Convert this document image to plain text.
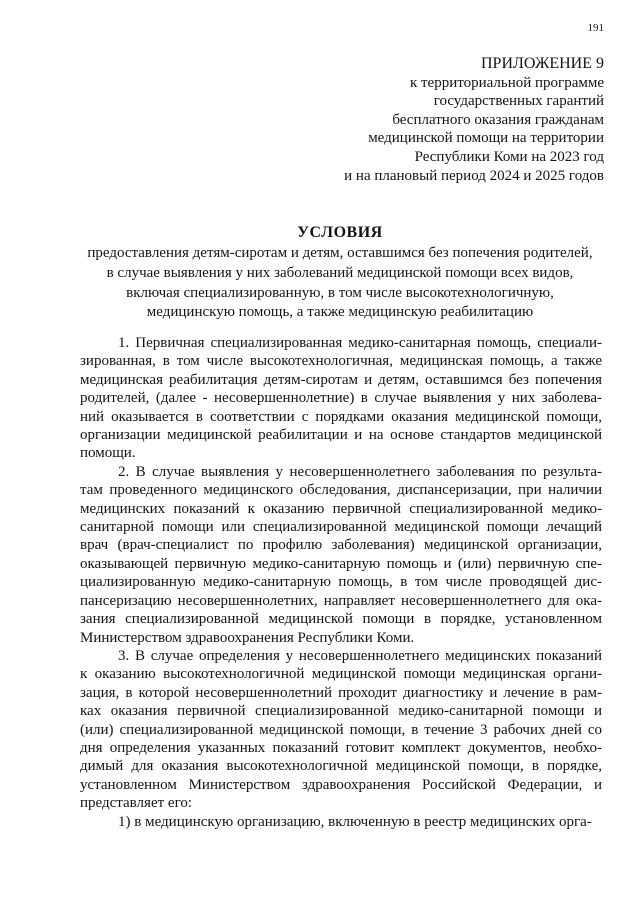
191
ПРИЛОЖЕНИЕ 9
к территориальной программе
государственных гарантий
бесплатного оказания гражданам
медицинской помощи на территории
Республики Коми на 2023 год
и на плановый период 2024 и 2025 годов
УСЛОВИЯ
предоставления детям-сиротам и детям, оставшимся без попечения родителей,
в случае выявления у них заболеваний медицинской помощи всех видов,
включая специализированную, в том числе высокотехнологичную,
медицинскую помощь, а также медицинскую реабилитацию

1. Первичная специализированная медико-санитарная помощь, специали-
зированная, в том числе высокотехнологичная, медицинская помощь, а также
медицинская реабилитация детям-сиротам и детям, оставшимся без попечения
родителей, (далее - несовершеннолетние) в случае выявления у них заболева-
ний оказывается в соответствии с порядками оказания медицинской помощи,
организации медицинской реабилитации и на основе стандартов медицинской
помощи.

2. В случае выявления у несовершеннолетнего заболевания по результа-
там проведенного медицинского обследования, диспансеризации, при наличии
медицинских показаний к оказанию первичной специализированной медико-
санитарной помощи или специализированной медицинской помощи лечащий
врач (врач-специалист по профилю заболевания) медицинской организации,
оказывающей первичную медико-санитарную помощь и (или) первичную спе-
циализированную медико-санитарную помощь, в том числе проводящей дис-
пансеризацию несовершеннолетних, направляет несовершеннолетнего для ока-
зания специализированной медицинской помощи в порядке, установленном
Министерством здравоохранения Республики Коми.

3. В случае определения у несовершеннолетнего медицинских показаний
к оказанию высокотехнологичной медицинской помощи медицинская органи-
зация, в которой несовершеннолетний проходит диагностику и лечение в рам-
ках оказания первичной специализированной медико-санитарной помощи и
(или) специализированной медицинской помощи, в течение 3 рабочих дней со
дня определения указанных показаний готовит комплект документов, необхо-
димый для оказания высокотехнологичной медицинской помощи, в порядке,
установленном Министерством здравоохранения Российской Федерации, и
представляет его:

1) в медицинскую организацию, включенную в реестр медицинских орга-
